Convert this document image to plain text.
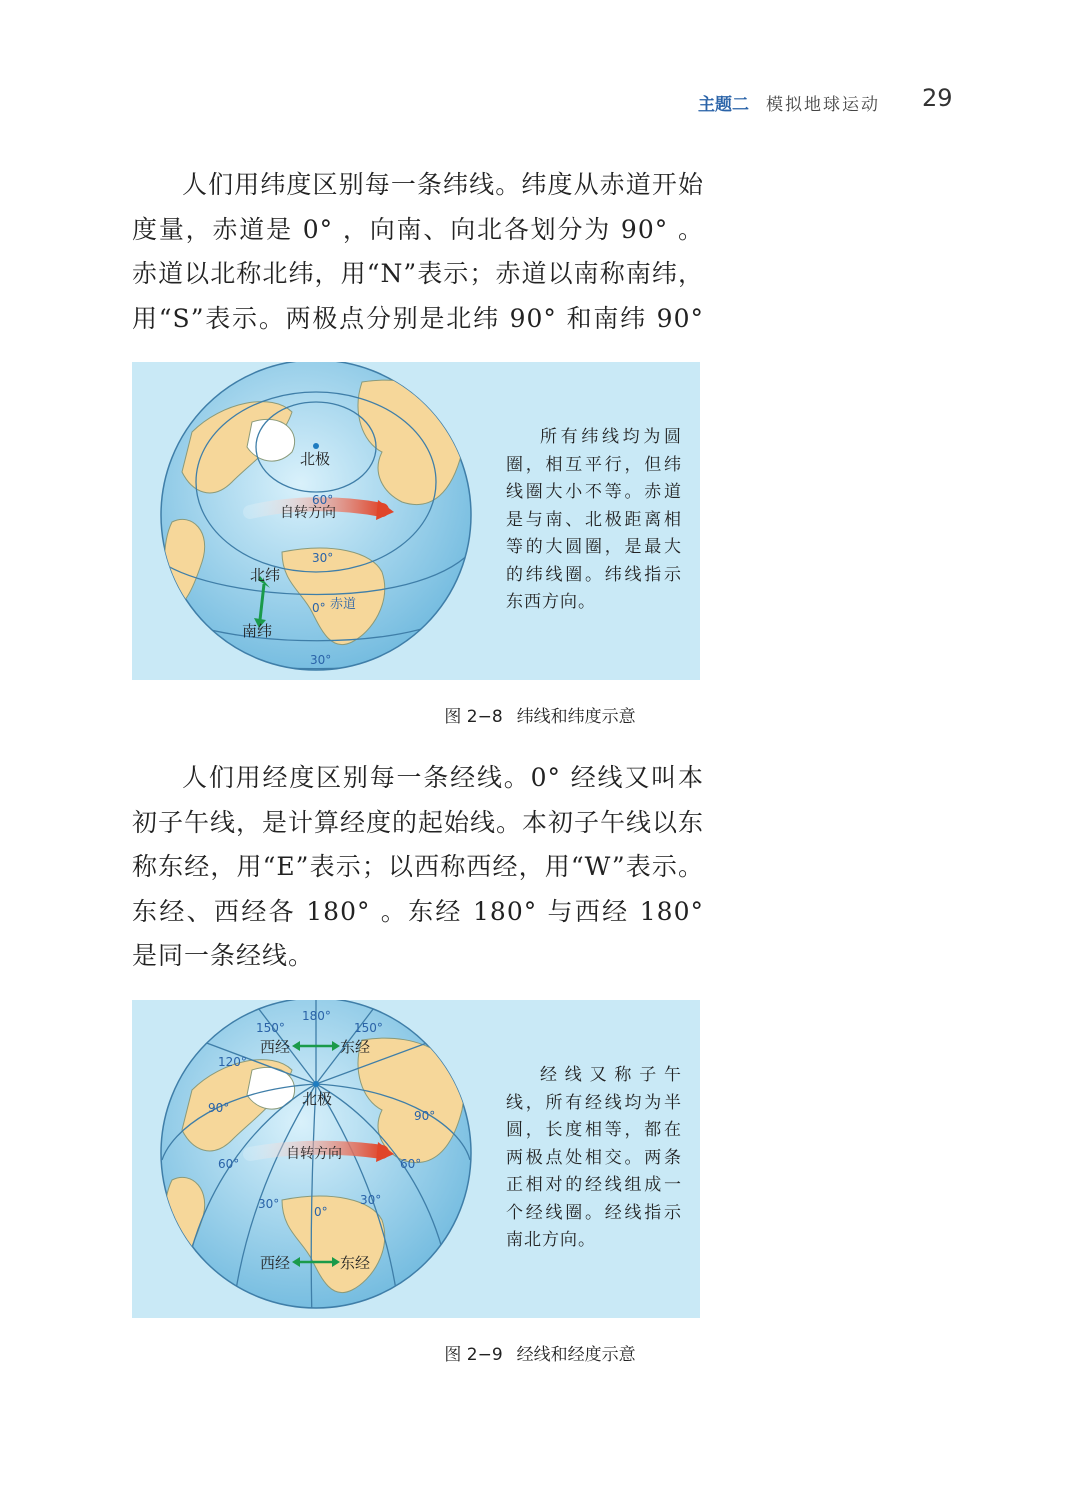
主题二 模拟地球运动 29

人们用纬度区别每一条纬线。纬度从赤道开始度量，赤道是 0° ，向南、向北各划分为 90° 。赤道以北称北纬，用“N”表示；赤道以南称南纬，用“S”表示。两极点分别是北纬 90° 和南纬 90°

北极
自转方向
60°
30°
0° 赤道
北纬
南纬
30°
所有纬线均为圆圈，相互平行，但纬线圈大小不等。赤道是与南、北极距离相等的大圆圈，是最大的纬线圈。纬线指示东西方向。
图 2−8 纬线和纬度示意

人们用经度区别每一条经线。0° 经线又叫本初子午线，是计算经度的起始线。本初子午线以东称东经，用“E”表示；以西称西经，用“W”表示。东经、西经各 180° 。东经 180° 与西经 180° 是同一条经线。

180°
150°	150°
120°
西经	东经
北极
90°
90°
60°	60°
自转方向
30°	30°
0°
西经	东经
经线又称子午线，所有经线均为半圆，长度相等，都在两极点处相交。两条正相对的经线组成一个经线圈。经线指示南北方向。
图 2−9 经线和经度示意
